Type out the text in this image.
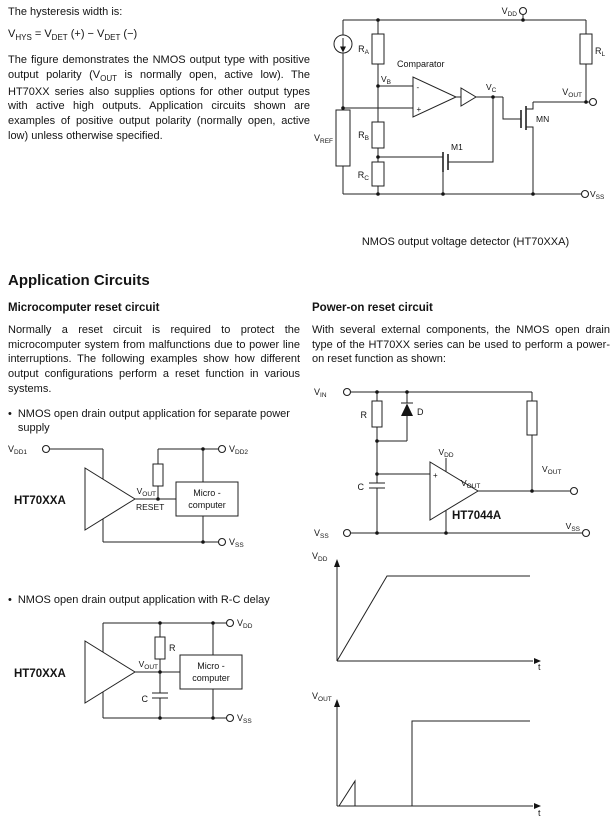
The hysteresis width is:

$V_{HYS} = V_{DET}$ (+) − $V_{DET}$ (−)

The figure demonstrates the NMOS output type with positive output polarity ($V_{OUT}$ is normally open, active low). The HT70XX series also supplies options for other output types with active high outputs. Application circuits shown are examples of positive output polarity (normally open, active low) unless otherwise specified.

$V_{DD}$
$V_{REF}$
$R_A$
$R_B$
$R_C$
-
+
Comparator
$V_B$	$V_C$
M1
MN
$R_L$
$V_{OUT}$
$V_{SS}$
NMOS output voltage detector (HT70XXA)
Application Circuits
Microcomputer reset circuit

Normally a reset circuit is required to protect the microcomputer system from malfunctions due to power line interruptions. The following examples show how different output configurations perform a reset function in various systems.

• NMOS open drain output application for separate power supply
$V_{DD1}$
HT70XXA
$V_{DD2}$
$V_{OUT}$
RESET
Micro -
computer
$V_{SS}$
• NMOS open drain output application with R-C delay
$V_{DD}$
HT70XXA
R
$V_{OUT}$
C
Micro -
computer
$V_{SS}$
Power-on reset circuit

With several external components, the NMOS open drain type of the HT70XX series can be used to perform a power-on reset function as shown:

$V_{IN}$
R	D
C
+
$V_{DD}$
$V_{OUT}$
HT7044A
$V_{OUT}$
$V_{SS}$
$V_{SS}$
$V_{DD}$
t
$V_{OUT}$
t
